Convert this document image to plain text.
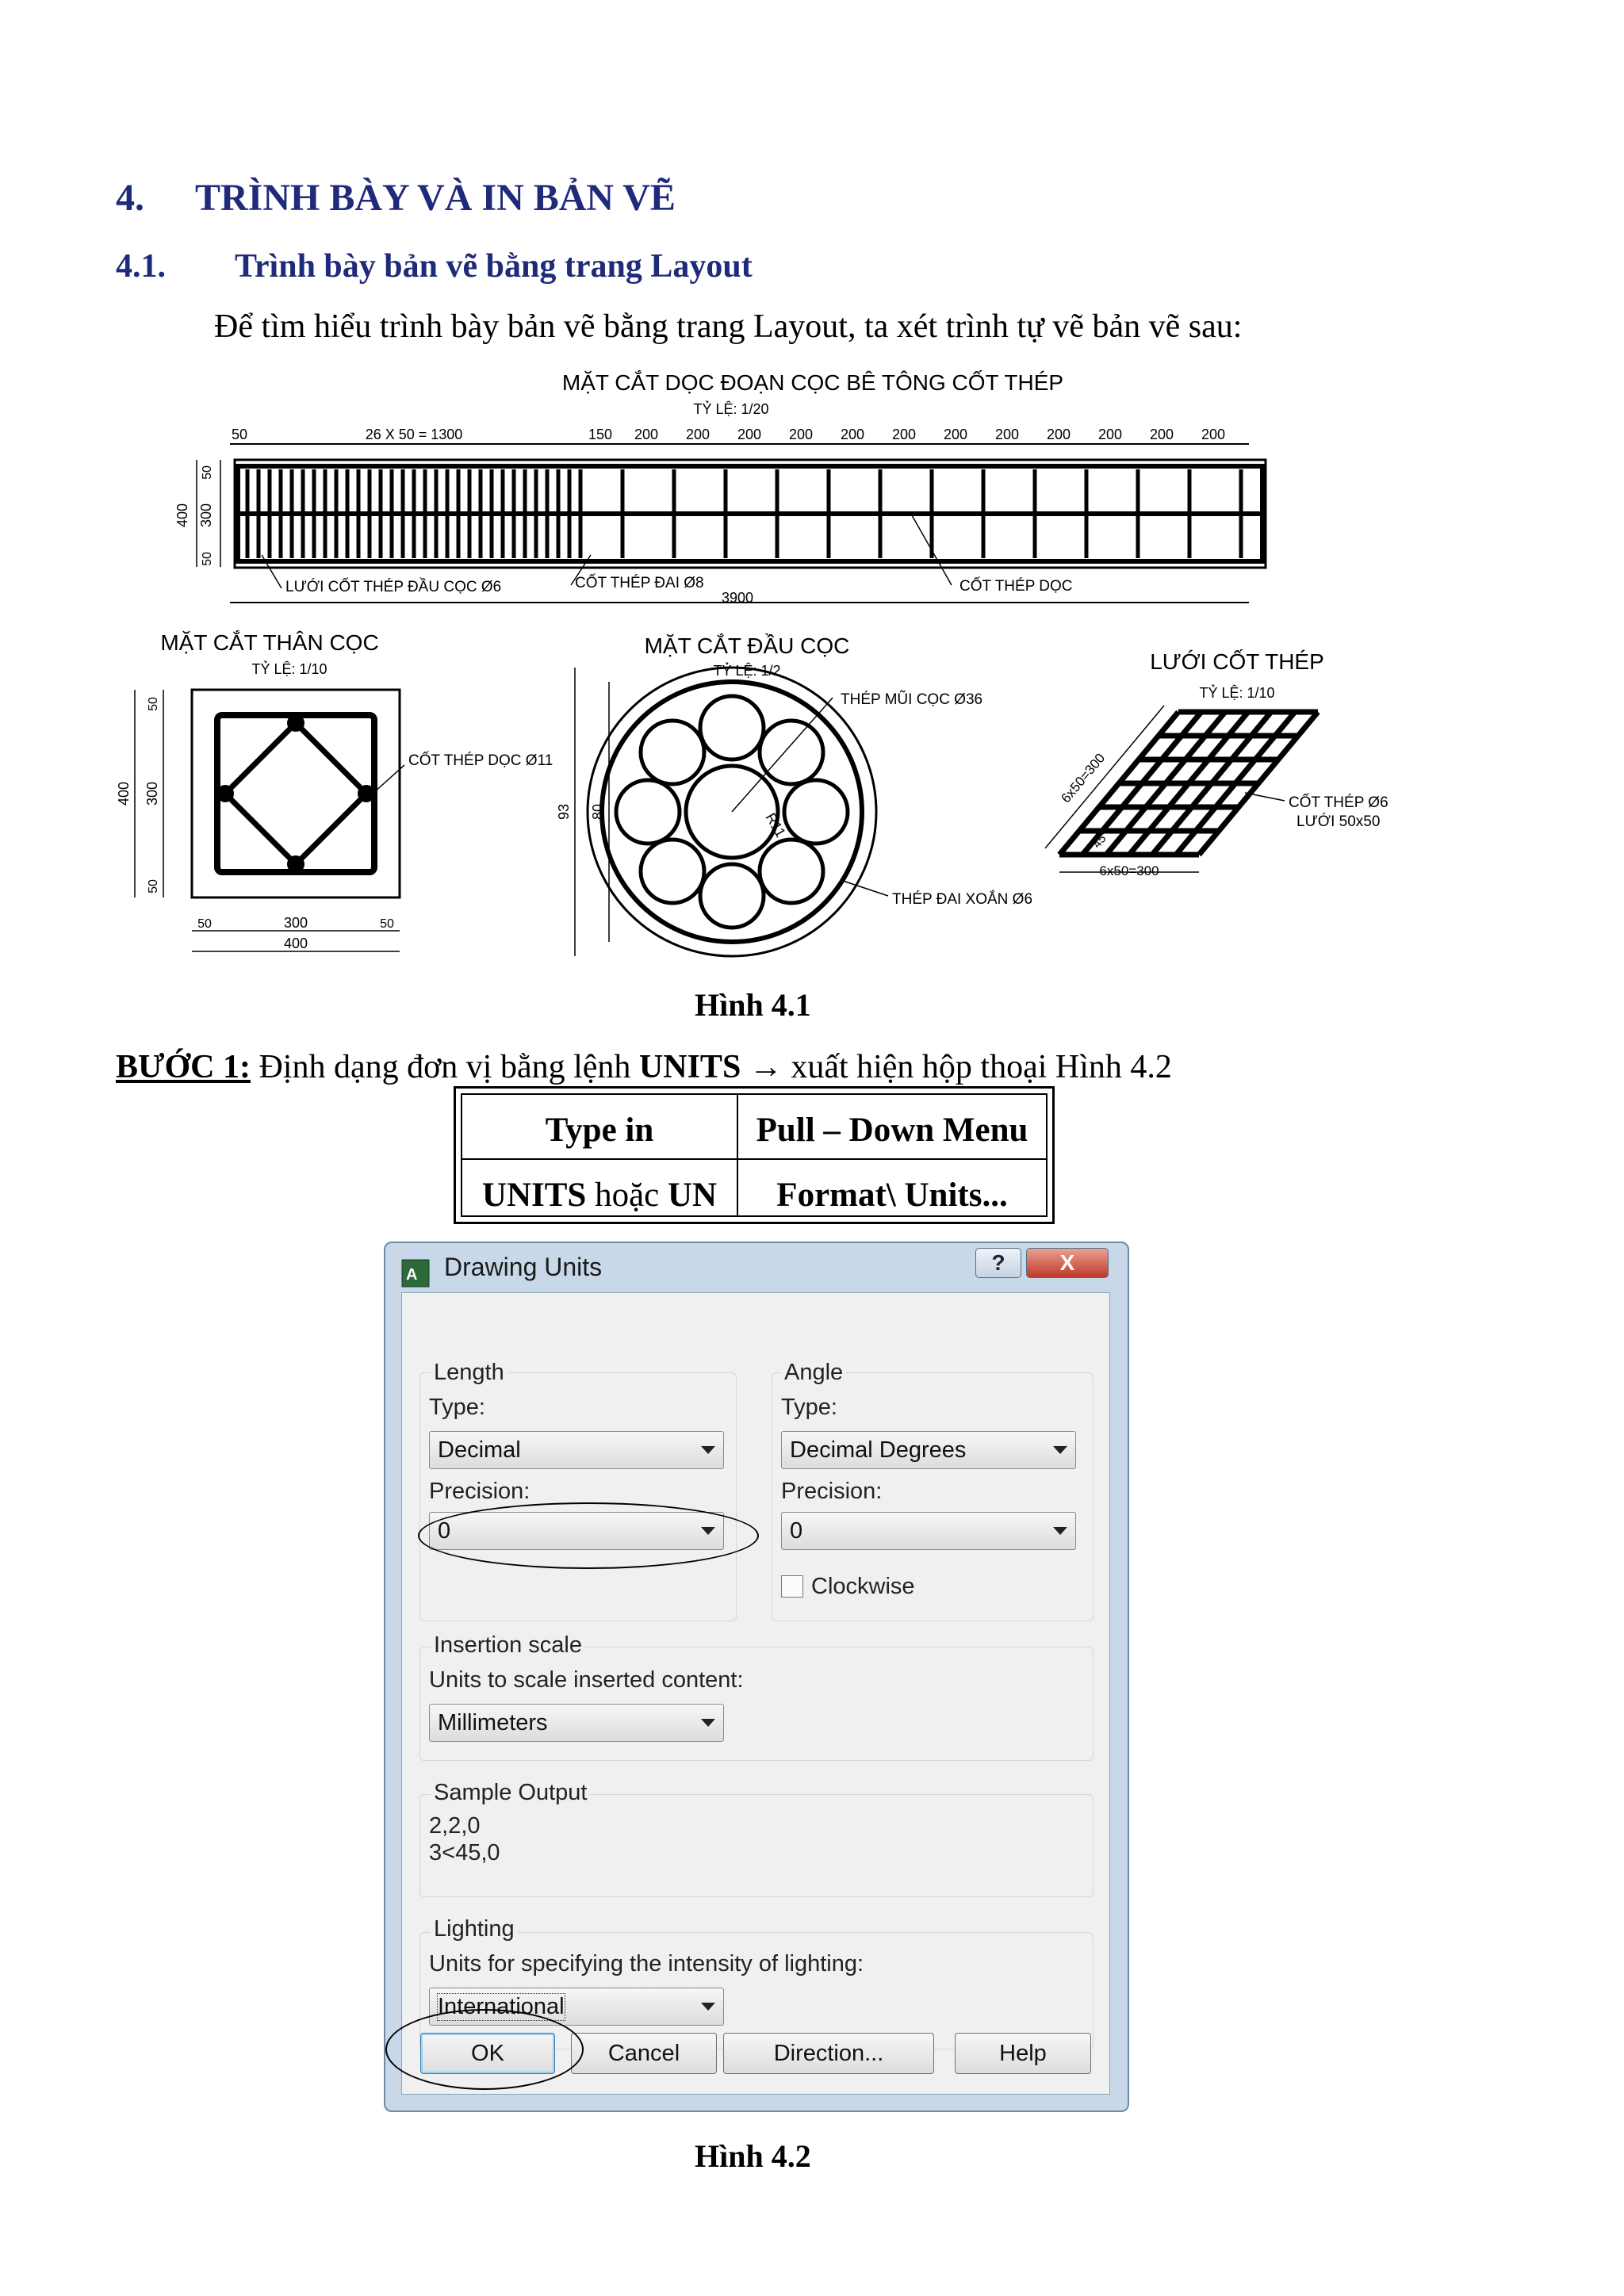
4. TRÌNH BÀY VÀ IN BẢN VẼ
4.1. Trình bày bản vẽ bằng trang Layout
Để tìm hiểu trình bày bản vẽ bằng trang Layout, ta xét trình tự vẽ bản vẽ sau:
MẶT CẮT DỌC ĐOẠN CỌC BÊ TÔNG CỐT THÉP
TỶ LỆ: 1/20
50	26 X 50 = 1300	150 200 200 200 200 200 200 200 200 200 200 200 200
400 300
50
50
3900
LƯỚI CỐT THÉP ĐẦU CỌC Ø6	CỐT THÉP ĐAI Ø8	CỐT THÉP DỌC
MẶT CẮT THÂN CỌC
TỶ LỆ: 1/10
CỐT THÉP DỌC Ø11
400 300
50
50
50	300	50
400
MẶT CẮT ĐẦU CỌC
TỶ LỆ: 1/2
THÉP MŨI CỌC Ø36
THÉP ĐAI XOẮN Ø6
R11
93 80
LƯỚI CỐT THÉP
TỶ LỆ: 1/10
CỐT THÉP Ø6
LƯỚI 50x50
6x50=300
6x50=300
45°
Hình 4.1
BƯỚC 1: Định dạng đơn vị bằng lệnh UNITS → xuất hiện hộp thoại Hình 4.2
Type in	Pull – Down Menu
UNITS hoặc UN	Format\ Units...
A Drawing Units	?	X
Length
Type:
Decimal
Precision:
0
Angle
Type:
Decimal Degrees
Precision:
0
Clockwise
Insertion scale
Units to scale inserted content:
Millimeters
Sample Output
2,2,0
3<45,0
Lighting
Units for specifying the intensity of lighting:
International
OK	Cancel	Direction...	Help
Hình 4.2
